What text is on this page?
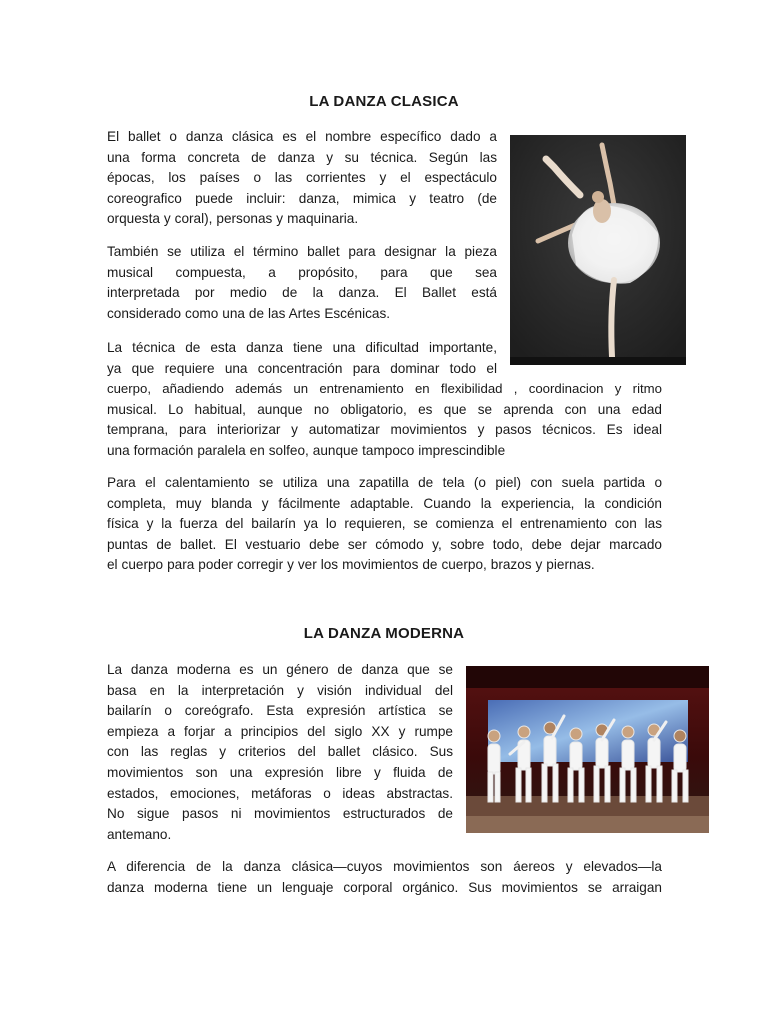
LA DANZA CLASICA
El ballet o danza clásica es el nombre específico dado a
una forma concreta de danza y su técnica. Según las
épocas, los países o las corrientes y el espectáculo
coreografico puede incluir: danza, mimica y teatro (de
orquesta y coral), personas y maquinaria.
También se utiliza el término ballet para designar la pieza
musical compuesta, a propósito, para que sea
interpretada por medio de la danza. El Ballet está
considerado como una de las Artes Escénicas.
La técnica de esta danza tiene una dificultad importante,
ya que requiere una concentración para dominar todo el
cuerpo, añadiendo además un entrenamiento en flexibilidad , coordinacion y ritmo
musical. Lo habitual, aunque no obligatorio, es que se aprenda con una edad
temprana, para interiorizar y automatizar movimientos y pasos técnicos. Es ideal
una formación paralela en solfeo, aunque tampoco imprescindible
Para el calentamiento se utiliza una zapatilla de tela (o piel) con suela partida o
completa, muy blanda y fácilmente adaptable. Cuando la experiencia, la condición
física y la fuerza del bailarín ya lo requieren, se comienza el entrenamiento con las
puntas de ballet. El vestuario debe ser cómodo y, sobre todo, debe dejar marcado
el cuerpo para poder corregir y ver los movimientos de cuerpo, brazos y piernas.
LA DANZA MODERNA
La danza moderna es un género de danza que se
basa en la interpretación y visión individual del
bailarín o coreógrafo. Esta expresión artística se
empieza a forjar a principios del siglo XX y rumpe
con las reglas y criterios del ballet clásico. Sus
movimientos son una expresión libre y fluida de
estados, emociones, metáforas o ideas abstractas.
No sigue pasos ni movimientos estructurados de
antemano.
A diferencia de la danza clásica—cuyos movimientos son áereos y elevados—la
danza moderna tiene un lenguaje corporal orgánico. Sus movimientos se arraigan
